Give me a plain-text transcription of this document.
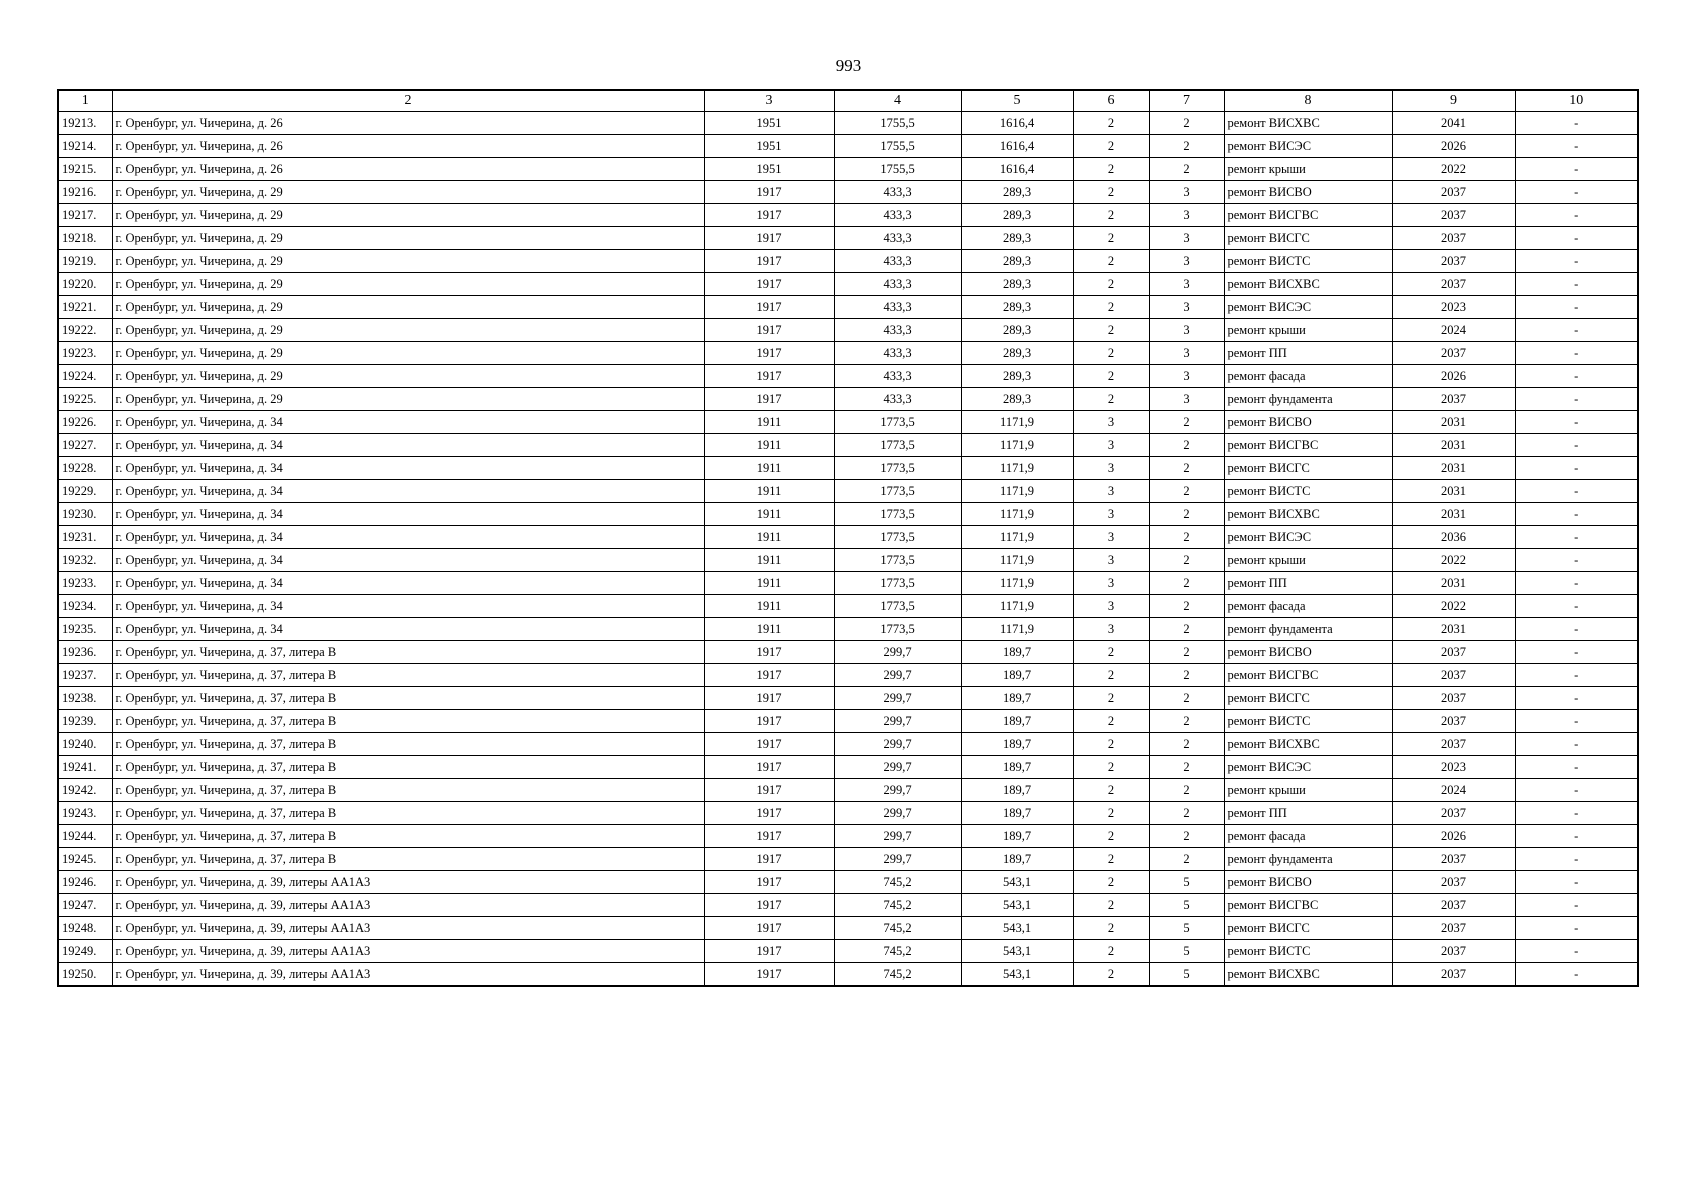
993
1	2	3	4	5	6	7	8	9	10
19213.	г. Оренбург, ул. Чичерина, д. 26	1951	1755,5	1616,4	2	2	ремонт ВИСХВС	2041	-
19214.	г. Оренбург, ул. Чичерина, д. 26	1951	1755,5	1616,4	2	2	ремонт ВИСЭС	2026	-
19215.	г. Оренбург, ул. Чичерина, д. 26	1951	1755,5	1616,4	2	2	ремонт крыши	2022	-
19216.	г. Оренбург, ул. Чичерина, д. 29	1917	433,3	289,3	2	3	ремонт ВИСВО	2037	-
19217.	г. Оренбург, ул. Чичерина, д. 29	1917	433,3	289,3	2	3	ремонт ВИСГВС	2037	-
19218.	г. Оренбург, ул. Чичерина, д. 29	1917	433,3	289,3	2	3	ремонт ВИСГС	2037	-
19219.	г. Оренбург, ул. Чичерина, д. 29	1917	433,3	289,3	2	3	ремонт ВИСТС	2037	-
19220.	г. Оренбург, ул. Чичерина, д. 29	1917	433,3	289,3	2	3	ремонт ВИСХВС	2037	-
19221.	г. Оренбург, ул. Чичерина, д. 29	1917	433,3	289,3	2	3	ремонт ВИСЭС	2023	-
19222.	г. Оренбург, ул. Чичерина, д. 29	1917	433,3	289,3	2	3	ремонт крыши	2024	-
19223.	г. Оренбург, ул. Чичерина, д. 29	1917	433,3	289,3	2	3	ремонт ПП	2037	-
19224.	г. Оренбург, ул. Чичерина, д. 29	1917	433,3	289,3	2	3	ремонт фасада	2026	-
19225.	г. Оренбург, ул. Чичерина, д. 29	1917	433,3	289,3	2	3	ремонт фундамента	2037	-
19226.	г. Оренбург, ул. Чичерина, д. 34	1911	1773,5	1171,9	3	2	ремонт ВИСВО	2031	-
19227.	г. Оренбург, ул. Чичерина, д. 34	1911	1773,5	1171,9	3	2	ремонт ВИСГВС	2031	-
19228.	г. Оренбург, ул. Чичерина, д. 34	1911	1773,5	1171,9	3	2	ремонт ВИСГС	2031	-
19229.	г. Оренбург, ул. Чичерина, д. 34	1911	1773,5	1171,9	3	2	ремонт ВИСТС	2031	-
19230.	г. Оренбург, ул. Чичерина, д. 34	1911	1773,5	1171,9	3	2	ремонт ВИСХВС	2031	-
19231.	г. Оренбург, ул. Чичерина, д. 34	1911	1773,5	1171,9	3	2	ремонт ВИСЭС	2036	-
19232.	г. Оренбург, ул. Чичерина, д. 34	1911	1773,5	1171,9	3	2	ремонт крыши	2022	-
19233.	г. Оренбург, ул. Чичерина, д. 34	1911	1773,5	1171,9	3	2	ремонт ПП	2031	-
19234.	г. Оренбург, ул. Чичерина, д. 34	1911	1773,5	1171,9	3	2	ремонт фасада	2022	-
19235.	г. Оренбург, ул. Чичерина, д. 34	1911	1773,5	1171,9	3	2	ремонт фундамента	2031	-
19236.	г. Оренбург, ул. Чичерина, д. 37, литера В	1917	299,7	189,7	2	2	ремонт ВИСВО	2037	-
19237.	г. Оренбург, ул. Чичерина, д. 37, литера В	1917	299,7	189,7	2	2	ремонт ВИСГВС	2037	-
19238.	г. Оренбург, ул. Чичерина, д. 37, литера В	1917	299,7	189,7	2	2	ремонт ВИСГС	2037	-
19239.	г. Оренбург, ул. Чичерина, д. 37, литера В	1917	299,7	189,7	2	2	ремонт ВИСТС	2037	-
19240.	г. Оренбург, ул. Чичерина, д. 37, литера В	1917	299,7	189,7	2	2	ремонт ВИСХВС	2037	-
19241.	г. Оренбург, ул. Чичерина, д. 37, литера В	1917	299,7	189,7	2	2	ремонт ВИСЭС	2023	-
19242.	г. Оренбург, ул. Чичерина, д. 37, литера В	1917	299,7	189,7	2	2	ремонт крыши	2024	-
19243.	г. Оренбург, ул. Чичерина, д. 37, литера В	1917	299,7	189,7	2	2	ремонт ПП	2037	-
19244.	г. Оренбург, ул. Чичерина, д. 37, литера В	1917	299,7	189,7	2	2	ремонт фасада	2026	-
19245.	г. Оренбург, ул. Чичерина, д. 37, литера В	1917	299,7	189,7	2	2	ремонт фундамента	2037	-
19246.	г. Оренбург, ул. Чичерина, д. 39, литеры АА1А3	1917	745,2	543,1	2	5	ремонт ВИСВО	2037	-
19247.	г. Оренбург, ул. Чичерина, д. 39, литеры АА1А3	1917	745,2	543,1	2	5	ремонт ВИСГВС	2037	-
19248.	г. Оренбург, ул. Чичерина, д. 39, литеры АА1А3	1917	745,2	543,1	2	5	ремонт ВИСГС	2037	-
19249.	г. Оренбург, ул. Чичерина, д. 39, литеры АА1А3	1917	745,2	543,1	2	5	ремонт ВИСТС	2037	-
19250.	г. Оренбург, ул. Чичерина, д. 39, литеры АА1А3	1917	745,2	543,1	2	5	ремонт ВИСХВС	2037	-
